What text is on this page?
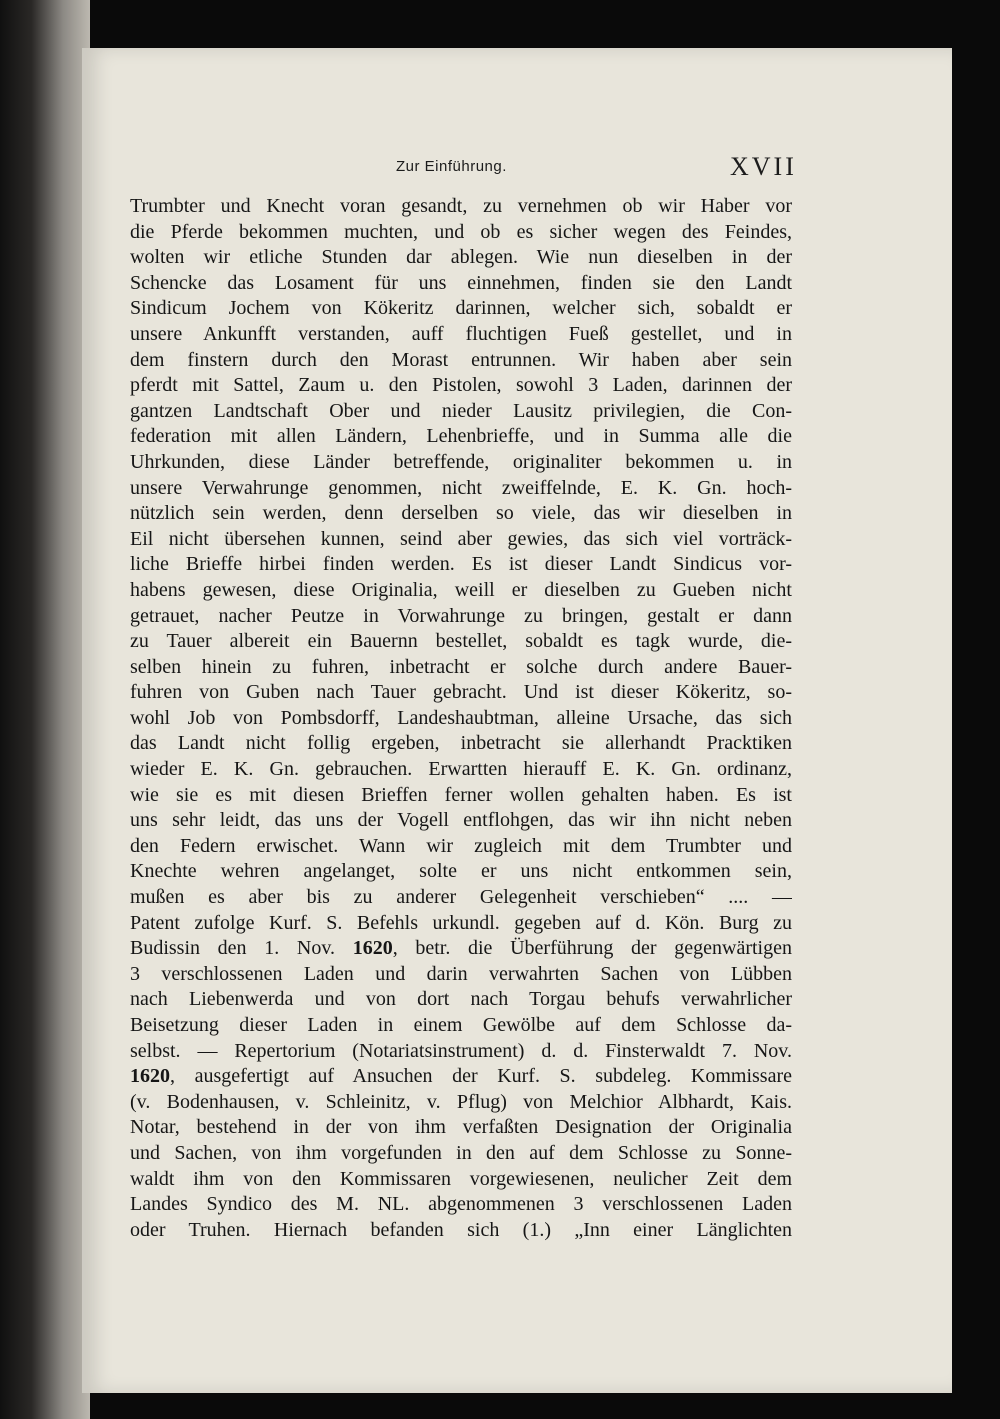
Zur Einführung.	XVII
Trumbter und Knecht voran gesandt, zu vernehmen ob wir Haber vor
die Pferde bekommen muchten, und ob es sicher wegen des Feindes,
wolten wir etliche Stunden dar ablegen. Wie nun dieselben in der
Schencke das Losament für uns einnehmen, finden sie den Landt
Sindicum Jochem von Kökeritz darinnen, welcher sich, sobaldt er
unsere Ankunfft verstanden, auff fluchtigen Fueß gestellet, und in
dem finstern durch den Morast entrunnen. Wir haben aber sein
pferdt mit Sattel, Zaum u. den Pistolen, sowohl 3 Laden, darinnen der
gantzen Landtschaft Ober und nieder Lausitz privilegien, die Con-
federation mit allen Ländern, Lehenbrieffe, und in Summa alle die
Uhrkunden, diese Länder betreffende, originaliter bekommen u. in
unsere Verwahrunge genommen, nicht zweiffelnde, E. K. Gn. hoch-
nützlich sein werden, denn derselben so viele, das wir dieselben in
Eil nicht übersehen kunnen, seind aber gewies, das sich viel vorträck-
liche Brieffe hirbei finden werden. Es ist dieser Landt Sindicus vor-
habens gewesen, diese Originalia, weill er dieselben zu Gueben nicht
getrauet, nacher Peutze in Vorwahrunge zu bringen, gestalt er dann
zu Tauer albereit ein Bauernn bestellet, sobaldt es tagk wurde, die-
selben hinein zu fuhren, inbetracht er solche durch andere Bauer-
fuhren von Guben nach Tauer gebracht. Und ist dieser Kökeritz, so-
wohl Job von Pombsdorff, Landeshaubtman, alleine Ursache, das sich
das Landt nicht follig ergeben, inbetracht sie allerhandt Pracktiken
wieder E. K. Gn. gebrauchen. Erwartten hierauff E. K. Gn. ordinanz,
wie sie es mit diesen Brieffen ferner wollen gehalten haben. Es ist
uns sehr leidt, das uns der Vogell entflohgen, das wir ihn nicht neben
den Federn erwischet. Wann wir zugleich mit dem Trumbter und
Knechte wehren angelanget, solte er uns nicht entkommen sein,
mußen es aber bis zu anderer Gelegenheit verschieben“ .... —
Patent zufolge Kurf. S. Befehls urkundl. gegeben auf d. Kön. Burg zu
Budissin den 1. Nov. 1620, betr. die Überführung der gegenwärtigen
3 verschlossenen Laden und darin verwahrten Sachen von Lübben
nach Liebenwerda und von dort nach Torgau behufs verwahrlicher
Beisetzung dieser Laden in einem Gewölbe auf dem Schlosse da-
selbst. — Repertorium (Notariatsinstrument) d. d. Finsterwaldt 7. Nov.
1620, ausgefertigt auf Ansuchen der Kurf. S. subdeleg. Kommissare
(v. Bodenhausen, v. Schleinitz, v. Pflug) von Melchior Albhardt, Kais.
Notar, bestehend in der von ihm verfaßten Designation der Originalia
und Sachen, von ihm vorgefunden in den auf dem Schlosse zu Sonne-
waldt ihm von den Kommissaren vorgewiesenen, neulicher Zeit dem
Landes Syndico des M. NL. abgenommenen 3 verschlossenen Laden
oder Truhen. Hiernach befanden sich (1.) „Inn einer Länglichten
